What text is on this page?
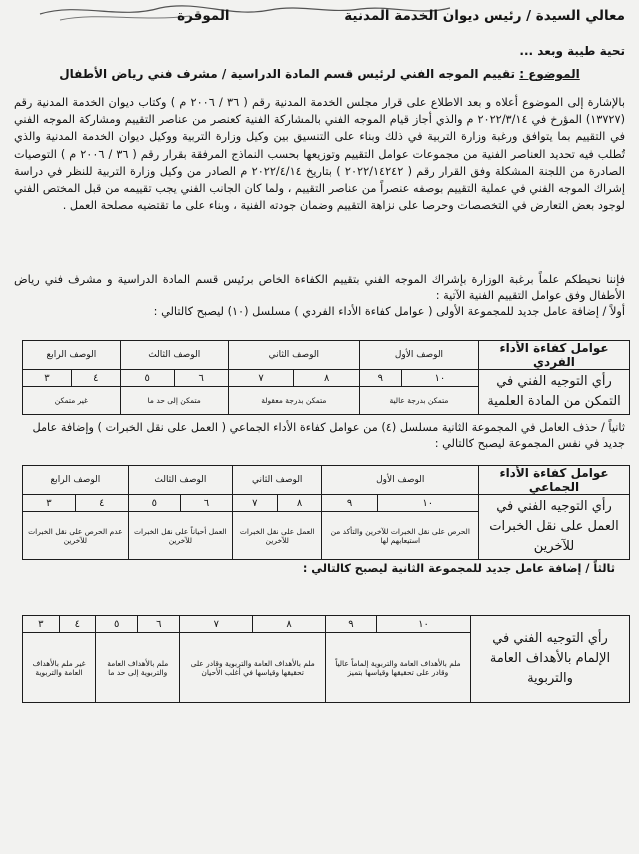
معالي السيدة / رئيس ديوان الخدمة المدنية الموقرة
تحية طيبة وبعد ...
الموضوع : تقييم الموجه الفني لرئيس قسم المادة الدراسية / مشرف فني رياض الأطفال
بالإشارة إلى الموضوع أعلاه و بعد الاطلاع على قرار مجلس الخدمة المدنية رقم ( ٣٦ / ٢٠٠٦ م ) وكتاب ديوان الخدمة المدنية رقم (١٣٧٢٧) المؤرخ في ٢٠٢٢/٣/١٤ م والذي أجاز قيام الموجه الفني بالمشاركة الفنية كعنصر من عناصر التقييم ومشاركة الموجه الفني في التقييم بما يتوافق ورغبة وزارة التربية في ذلك وبناء على التنسيق بين وكيل وزارة التربية ووكيل ديوان الخدمة المدنية والذي تُطلب فيه تحديد العناصر الفنية من مجموعات عوامل التقييم وتوزيعها بحسب النماذج المرفقة بقرار رقم ( ٣٦ / ٢٠٠٦ م ) التوصيات الصادرة من اللجنة المشكلة وفق القرار رقم ( ٢٠٢٢/١٤٢٤٢ ) بتاريخ ٢٠٢٢/٤/١٤ م الصادر من وكيل وزارة التربية للنظر في دراسة إشراك الموجه الفني في عملية التقييم بوصفه عنصراً من عناصر التقييم ، ولما كان الجانب الفني يجب تقييمه من قبل المختص الفني لوجود بعض التعارض في التخصصات وحرصا على نزاهة التقييم وضمان جودته الفنية ، وبناء على ما تقتضيه مصلحة العمل .
فإننا نحيطكم علماً برغبة الوزارة بإشراك الموجه الفني بتقييم الكفاءة الخاص برئيس قسم المادة الدراسية و مشرف فني رياض الأطفال وفق عوامل التقييم الفنية الآتية :
أولاً / إضافة عامل جديد للمجموعة الأولى ( عوامل كفاءة الأداء الفردي ) مسلسل (١٠) ليصبح كالتالي :
عوامل كفاءة الأداء الفردي	الوصف الأول		الوصف الثاني		الوصف الثالث		الوصف الرابع	
رأي التوجيه الفني في التمكن من المادة العلمية	١٠	٩	٨	٧	٦	٥	٤	٣
	متمكن بدرجة عالية		متمكن بدرجة معقولة		متمكن إلى حد ما		غير متمكن	
ثانياً / حذف العامل في المجموعة الثانية مسلسل (٤) من عوامل كفاءة الأداء الجماعي ( العمل على نقل الخبرات ) وإضافة عامل جديد في نفس المجموعة ليصبح كالتالي :
عوامل كفاءة الأداء الجماعي	الوصف الأول		الوصف الثاني		الوصف الثالث		الوصف الرابع	
رأي التوجيه الفني في العمل على نقل الخبرات للآخرين	١٠	٩	٨	٧	٦	٥	٤	٣
	الحرص على نقل الخبرات للآخرين والتأكد من استيعابهم لها		العمل على نقل الخبرات للآخرين		العمل أحياناً على نقل الخبرات للآخرين		عدم الحرص على نقل الخبرات للآخرين	
ثالثاً / إضافة عامل جديد للمجموعة الثانية ليصبح كالتالي :
رأي التوجيه الفني في الإلمام بالأهداف العامة والتربوية	١٠	٩	٨	٧	٦	٥	٤	٣
	ملم بالأهداف العامة والتربوية إلماماً عالياً وقادر على تحقيقها وقياسها بتميز		ملم بالأهداف العامة والتربوية وقادر على تحقيقها وقياسها في أغلب الأحيان		ملم بالأهداف العامة والتربوية إلى حد ما		غير ملم بالأهداف العامة والتربوية	
